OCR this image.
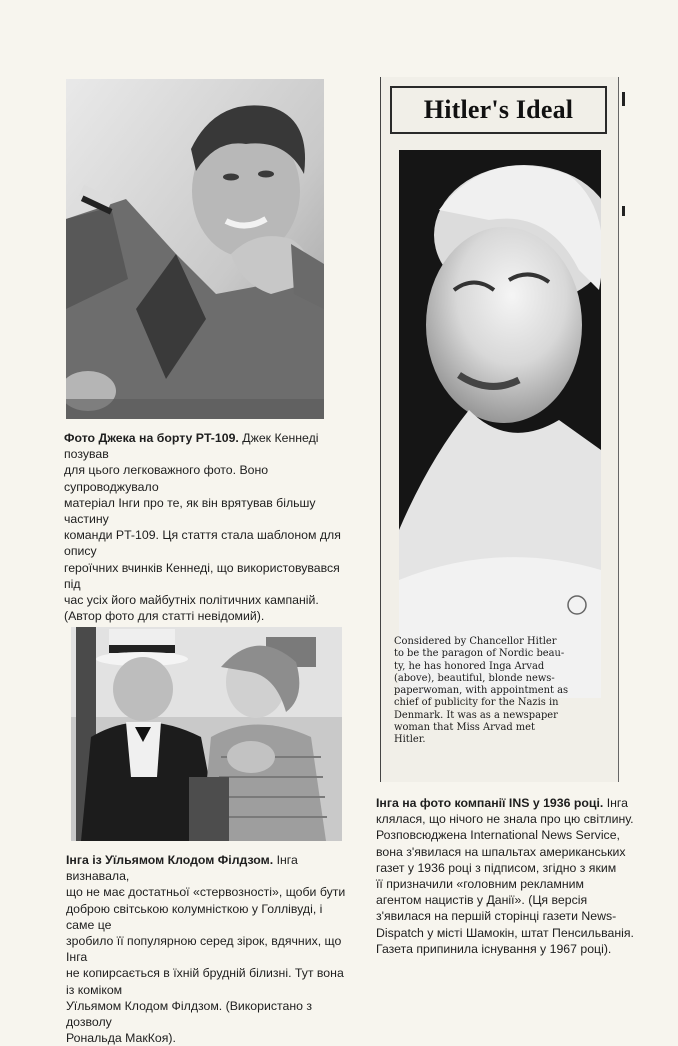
Фото Джека на борту PT-109. Джек Кеннеді позував

для цього легковажного фото. Воно супроводжувало

матеріал Інги про те, як він врятував більшу частину

команди PT-109. Ця стаття стала шаблоном для опису

героїчних вчинків Кеннеді, що використовувався під

час усіх його майбутніх політичних кампаній.

(Автор фото для статті невідомий).

Hitler's Ideal

Considered by Chancellor Hitler

to be the paragon of Nordic beau-

ty, he has honored Inga Arvad

(above), beautiful, blonde news-

paperwoman, with appointment as

chief of publicity for the Nazis in

Denmark. It was as a newspaper

woman that Miss Arvad met

Hitler.

Інга на фото компанії INS у 1936 році. Інга

клялася, що нічого не знала про цю світлину.

Розповсюджена International News Service,

вона з'явилася на шпальтах американських

газет у 1936 році з підписом, згідно з яким

її призначили «головним рекламним

агентом нацистів у Данії». (Ця версія

з'явилася на першій сторінці газети News-

Dispatch у місті Шамокін, штат Пенсильванія.

Газета припинила існування у 1967 році).

Інга із Уїльямом Клодом Філдзом. Інга визнавала,

що не має достатньої «стервозності», щоби бути

доброю світською колумністкою у Голлівуді, і саме це

зробило її популярною серед зірок, вдячних, що Інга

не копирсається в їхній брудній білизні. Тут вона із коміком

Уїльямом Клодом Філдзом. (Використано з дозволу

Рональда МакКоя).
